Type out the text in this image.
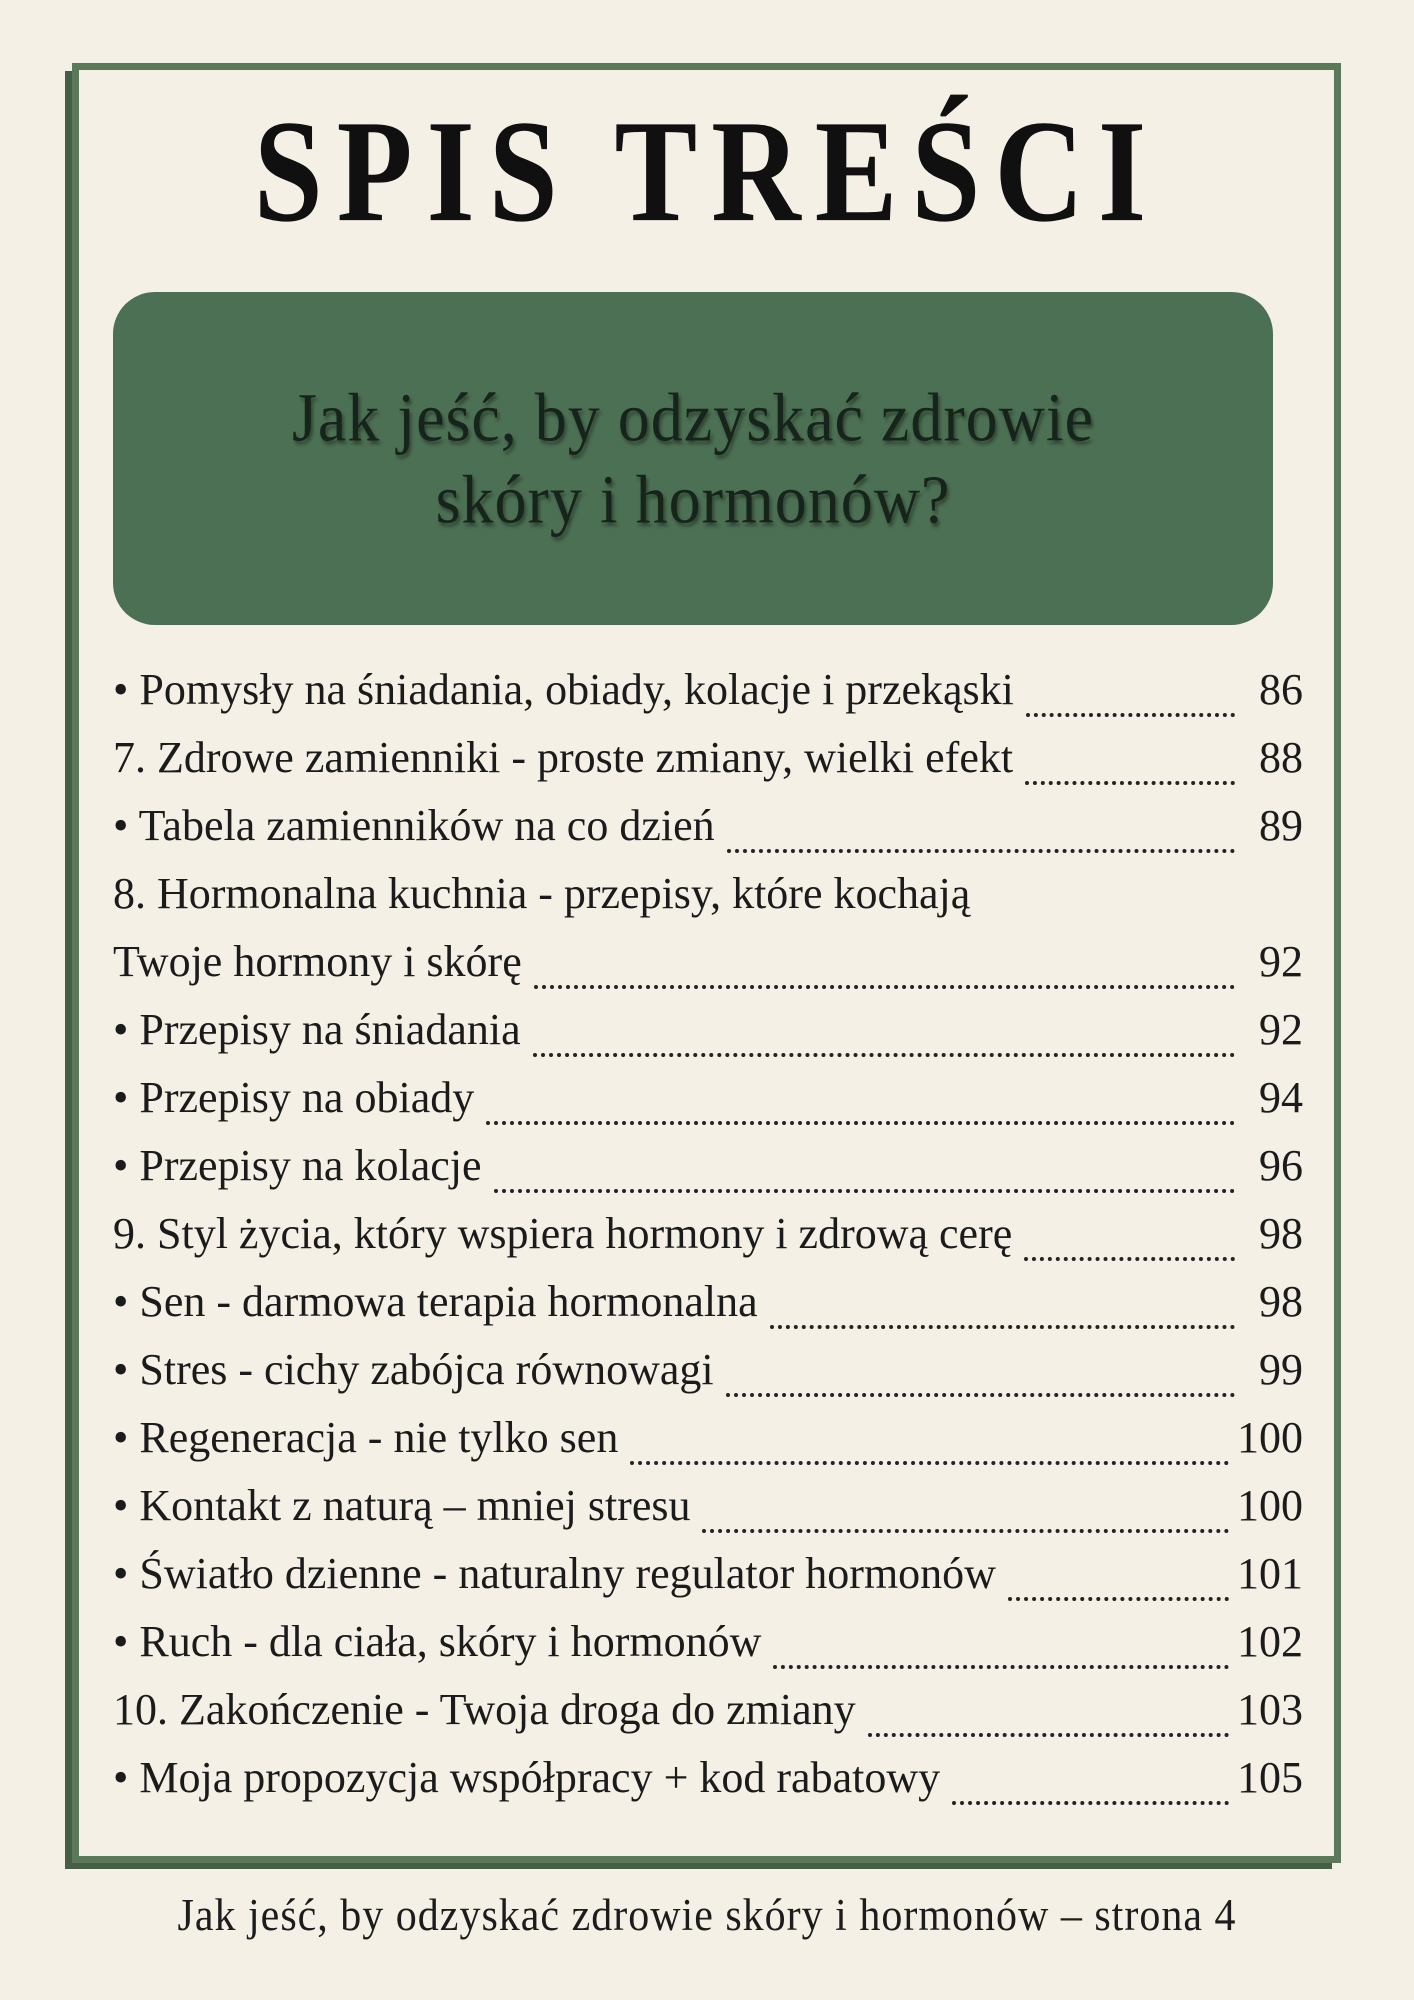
SPIS TREŚCI
Jak jeść, by odzyskać zdrowie
skóry i hormonów?
• Pomysły na śniadania, obiady, kolacje i przekąski	86
7. Zdrowe zamienniki - proste zmiany, wielki efekt	88
• Tabela zamienników na co dzień	89
8. Hormonalna kuchnia - przepisy, które kochają
Twoje hormony i skórę	92
• Przepisy na śniadania	92
• Przepisy na obiady	94
• Przepisy na kolacje	96
9. Styl życia, który wspiera hormony i zdrową cerę	98
• Sen - darmowa terapia hormonalna	98
• Stres - cichy zabójca równowagi	99
• Regeneracja - nie tylko sen	100
• Kontakt z naturą – mniej stresu	100
• Światło dzienne - naturalny regulator hormonów	101
• Ruch - dla ciała, skóry i hormonów	102
10. Zakończenie - Twoja droga do zmiany	103
• Moja propozycja współpracy + kod rabatowy	105
Jak jeść, by odzyskać zdrowie skóry i hormonów – strona 4
